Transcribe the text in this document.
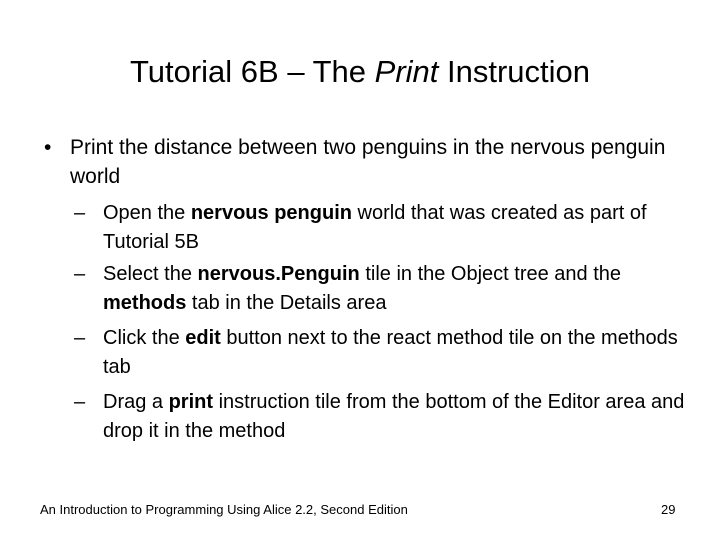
Tutorial 6B – The Print Instruction
• Print the distance between two penguins in the nervous penguin world
– Open the nervous penguin world that was created as part of Tutorial 5B
– Select the nervous.Penguin tile in the Object tree and the methods tab in the Details area
– Click the edit button next to the react method tile on the methods tab
– Drag a print instruction tile from the bottom of the Editor area and drop it in the method
An Introduction to Programming Using Alice 2.2, Second Edition	29
